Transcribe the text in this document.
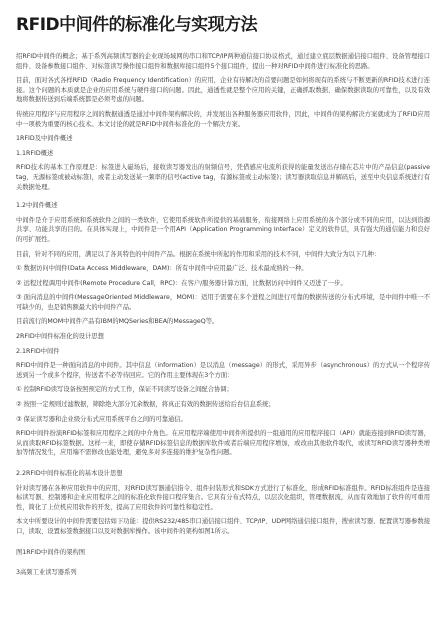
RFID中间件的标准化与实现方法
绍RFID中间件的概念；基于系列高频读写器的企业现场域网的串口和TCP/IP两种通信接口协议格式，通过建立底层数据通信接口组件、设备管理接口组件、设备参数接口组件、对标签读写操作接口组件和数据库接口组件5个接口组件，提出一种对RFID中间件进行标准化的思路。
目前，面对各式各样RFID（Radio Frequency Identification）的应用，企业有待解决的首要问题是如何将现有的系统与不断更新的RFID技术进行连接。这个问题的本质就是企业的应用系统与硬件接口的问题。因此，通透性就是整个应用的关键，正确抓取数据、确保数据读取的可靠性，以及有效地将数据传送到后端系统都是必须考虑的问题。
传统应用程序与应用程序之间的数据通透是通过中间件架构解决的，并发展出各种服务器应用软件，因此，中间件的架构解决方案就成为了RFID应用中一项极为重要的核心技术。本文讨论的就是RFID中间件标准化的一个解决方案。
1RFID及中间件概述
1.1RFID概述
RFID技术的基本工作原理是：标签进入磁场后，接收读写器发出的射频信号，凭借感应电流所获得的能量发送出存储在芯片中的产品信息(passive tag，无源标签或被动标签)，或者主动发送某一频率的信号(active tag，有源标签或主动标签)；读写器读取信息并解码后，送至中央信息系统进行有关数据处理。
1.2中间件概述
中间件是介于应用系统和系统软件之间的一类软件，它使用系统软件所提供的基础服务，衔接网络上应用系统的各个部分或不同的应用，以达到资源共享、功能共享的目的。在具体实现上，中间件是一个用API（Application Programming Interface）定义的软件层，具有强大的通信能力和良好的可扩展性。
目前，针对不同的应用，满足以了各具特色的中间件产品。根据在系统中所起的作用和采用的技术不同，中间件大致分为以下几种：
① 数据访问中间件(Data Access Middleware，DAM)：所有中间件中应用最广泛、技术最成熟的一种。
② 远程过程调用中间件(Remote Procedure Call，RPC)：在客户/服务器计算方面，比数据访问中间件又迈进了一步。
③ 面向消息的中间件(MessageOriented Middleware，MOM)：适用于需要在多个进程之间进行可靠的数据传送的分布式环境，是中间件中唯一不可缺少的，也是销售额最大的中间件产品。
目前流行的MOM中间件产品有IBM的MQSeries和BEA的MessageQ等。
2RFID中间件标准化的设计思想
2.1RFID中间件
RFID中间件是一种面向消息的中间件。其中信息（information）是以消息（message）的形式，采用异步（asynchronous）的方式从一个程序传送到另一个或多个程序，传送者不必等待回应。它的作用主要体现在3个方面：
① 控制RFID读写设备按照预定的方式工作，保证不同读写设备之间配合协调；
② 按照一定规则过滤数据，筛除绝大部分冗余数据，将真正有效的数据传送给后台信息系统；
③ 保证读写器和企业级分布式应用系统平台之间的可靠通信。
RFID中间件扮演RFID标签和应用程序之间的中介角色。在应用程序端使用中间件所提供的一组通用的应用程序接口（API）就能连接到RFID读写器，从而读取RFID标签数据。这样一来，即使存储RFID标签信息的数据库软件或者后端应用程序增加，或改由其他软件取代，或读写RFID读写器种类增加等情况发生，应用端不需修改也能处理，避免多对多连接的维护复杂性问题。
2.2RFID中间件标准化的基本设计思想
针对读写器在各种应用软件中的应用，对RFID读写器通信指令、组件封装形式和SDK方式进行了标准化，形成RFID标准组件。RFID标准组件是连接标读写器、控制器和企业应用程序之间的标准化软件接口程序集合。它具有分布式特点，以层次化组织，管理数据流，从而有效地加了软件的可重用性，简化了上位机应用软件的开发，提高了应用软件的可靠性和稳定性。
本文中所要设计的中间件需要包括如下功能：提供RS232/485串口通信接口组件、TCP/IP、UDP网络通信接口组件，搜索读写器、配置读写器参数接口，读取、设置标签数据接口以及对数据库操作。该中间件的架构如图1所示。
图1RFID中间件的架构图
3高频工业读写器系列
